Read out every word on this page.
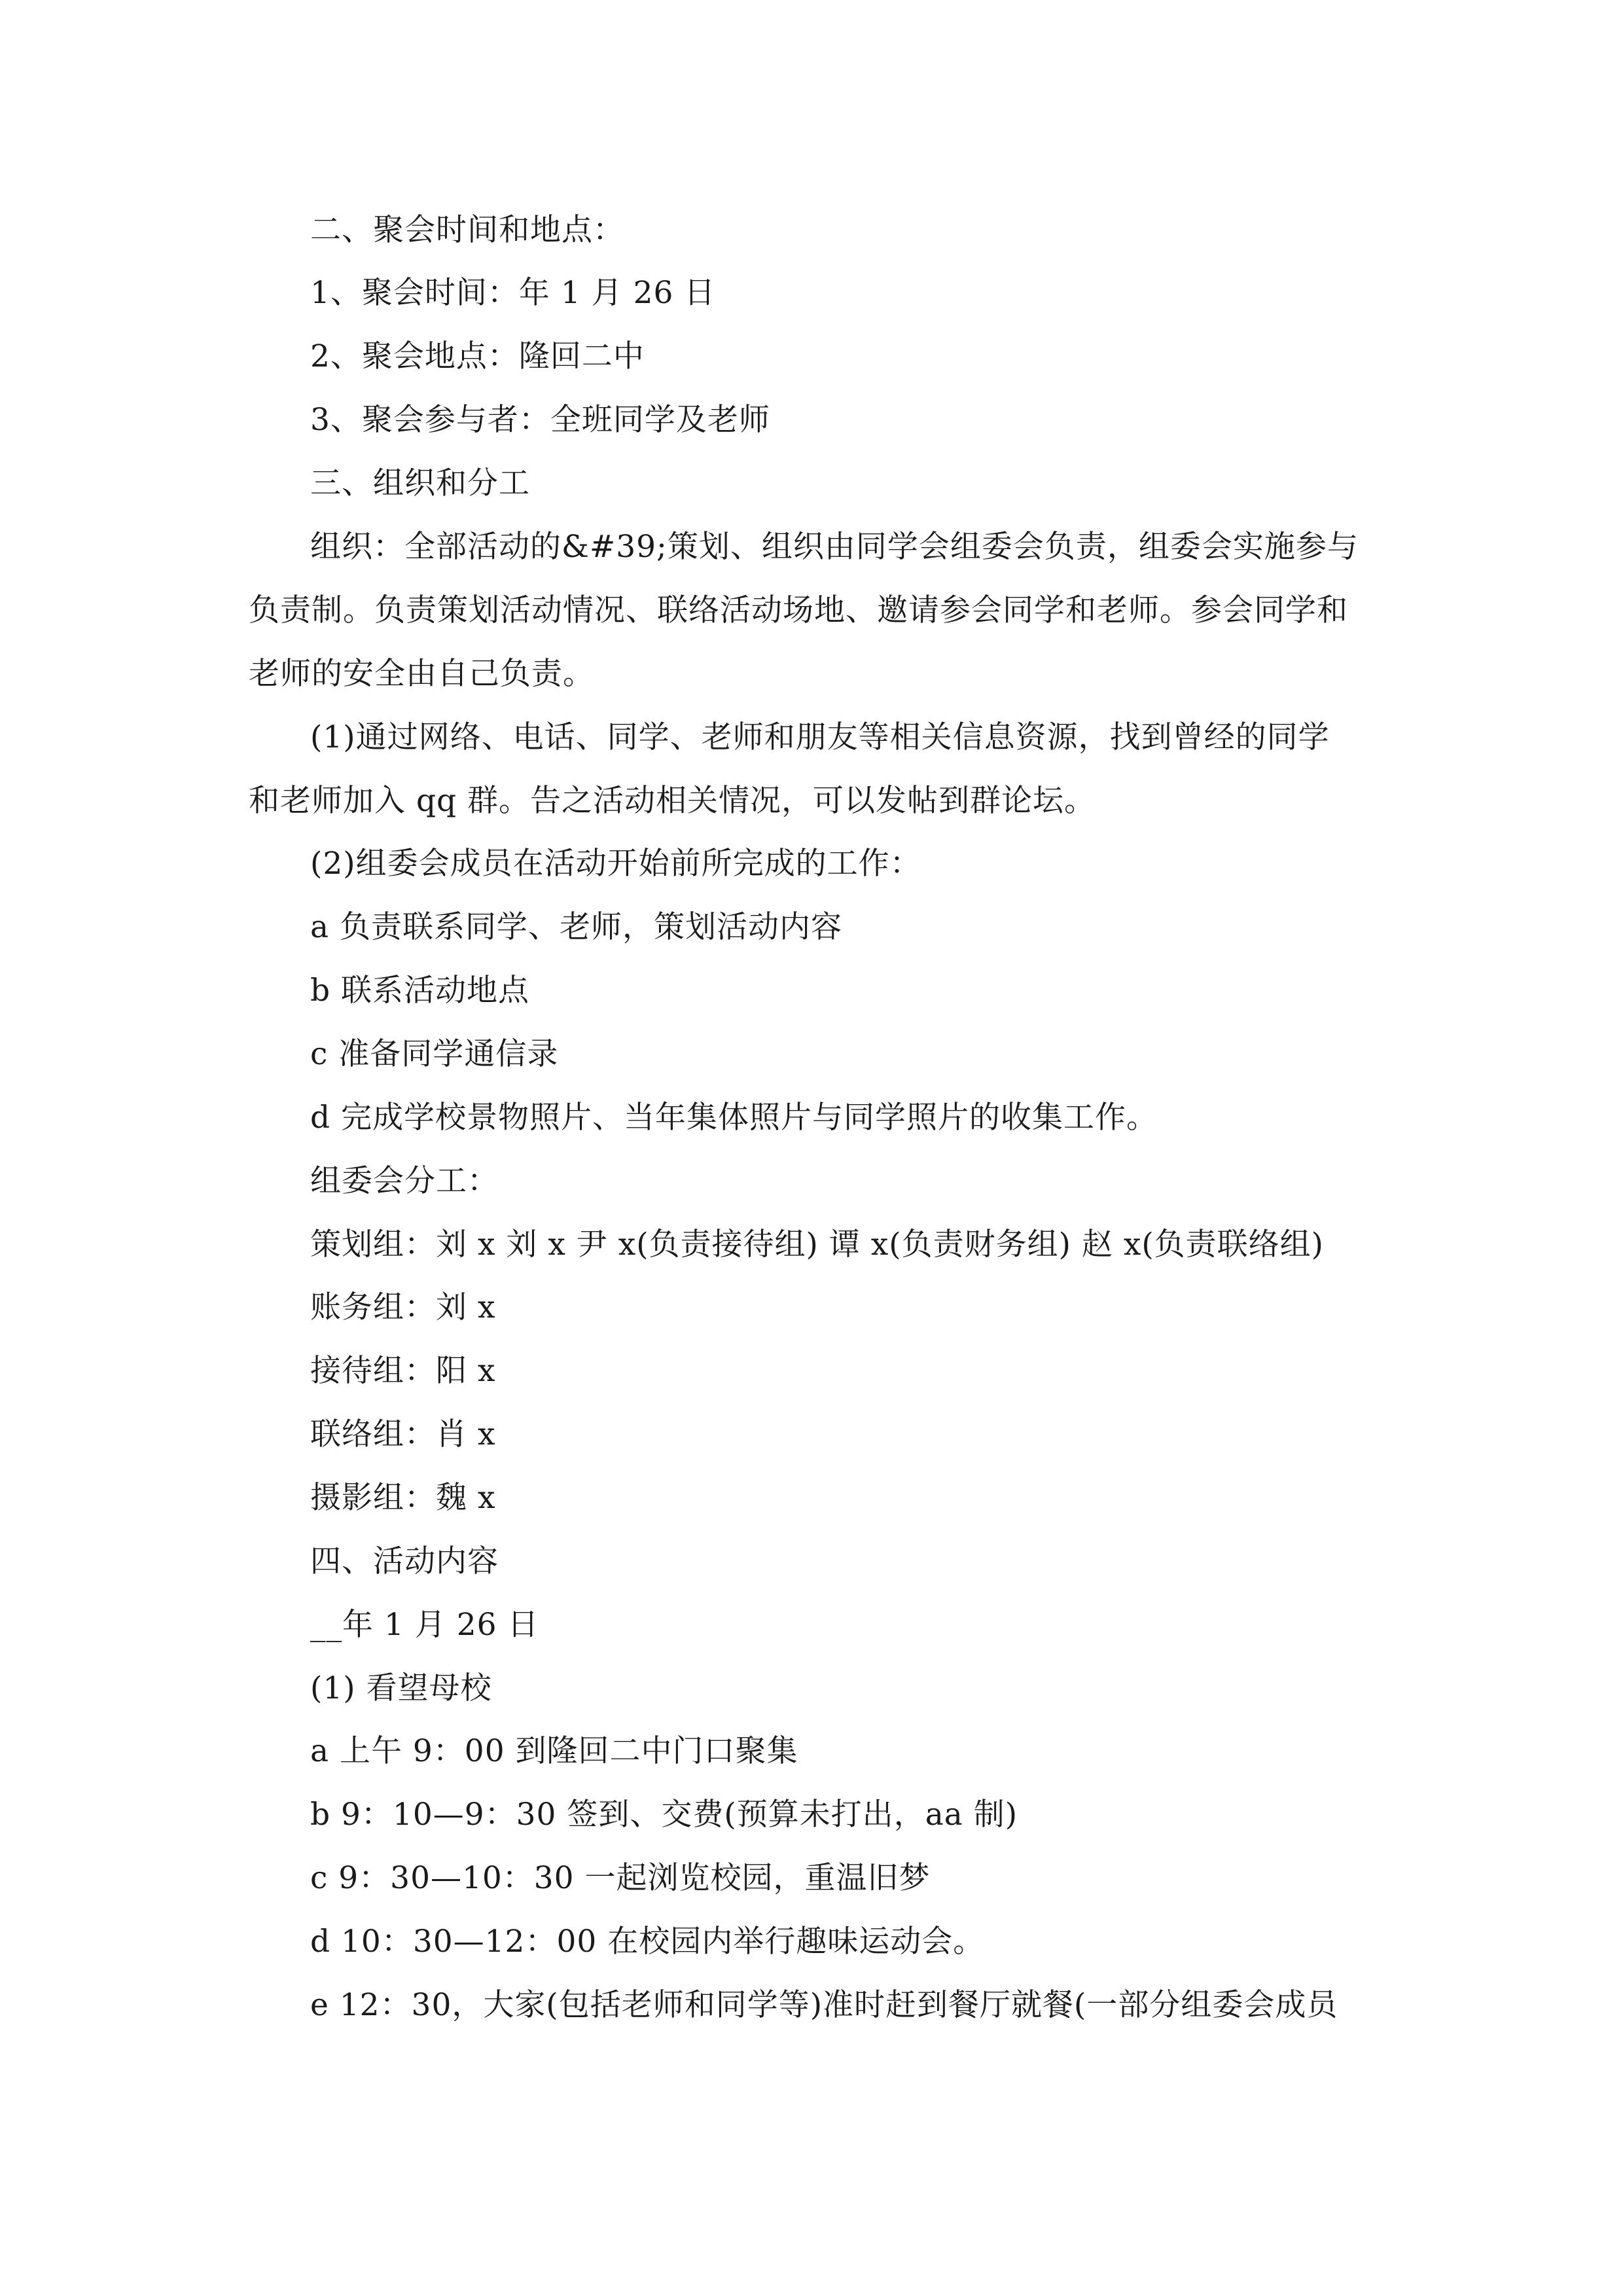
二、聚会时间和地点：
1、聚会时间：年 1 月 26 日
2、聚会地点：隆回二中
3、聚会参与者：全班同学及老师
三、组织和分工
组织：全部活动的&#39;策划、组织由同学会组委会负责，组委会实施参与
负责制。负责策划活动情况、联络活动场地、邀请参会同学和老师。参会同学和
老师的安全由自己负责。
(1)通过网络、电话、同学、老师和朋友等相关信息资源，找到曾经的同学
和老师加入 qq 群。告之活动相关情况，可以发帖到群论坛。
(2)组委会成员在活动开始前所完成的工作：
a 负责联系同学、老师，策划活动内容
b 联系活动地点
c 准备同学通信录
d 完成学校景物照片、当年集体照片与同学照片的收集工作。
组委会分工：
策划组：刘 x 刘 x 尹 x(负责接待组) 谭 x(负责财务组) 赵 x(负责联络组)
账务组：刘 x
接待组：阳 x
联络组：肖 x
摄影组：魏 x
四、活动内容
__年 1 月 26 日
(1) 看望母校
a 上午 9：00 到隆回二中门口聚集
b 9：10—9：30 签到、交费(预算未打出，aa 制)
c 9：30—10：30 一起浏览校园，重温旧梦
d 10：30—12：00 在校园内举行趣味运动会。
e 12：30，大家(包括老师和同学等)准时赶到餐厅就餐(一部分组委会成员
